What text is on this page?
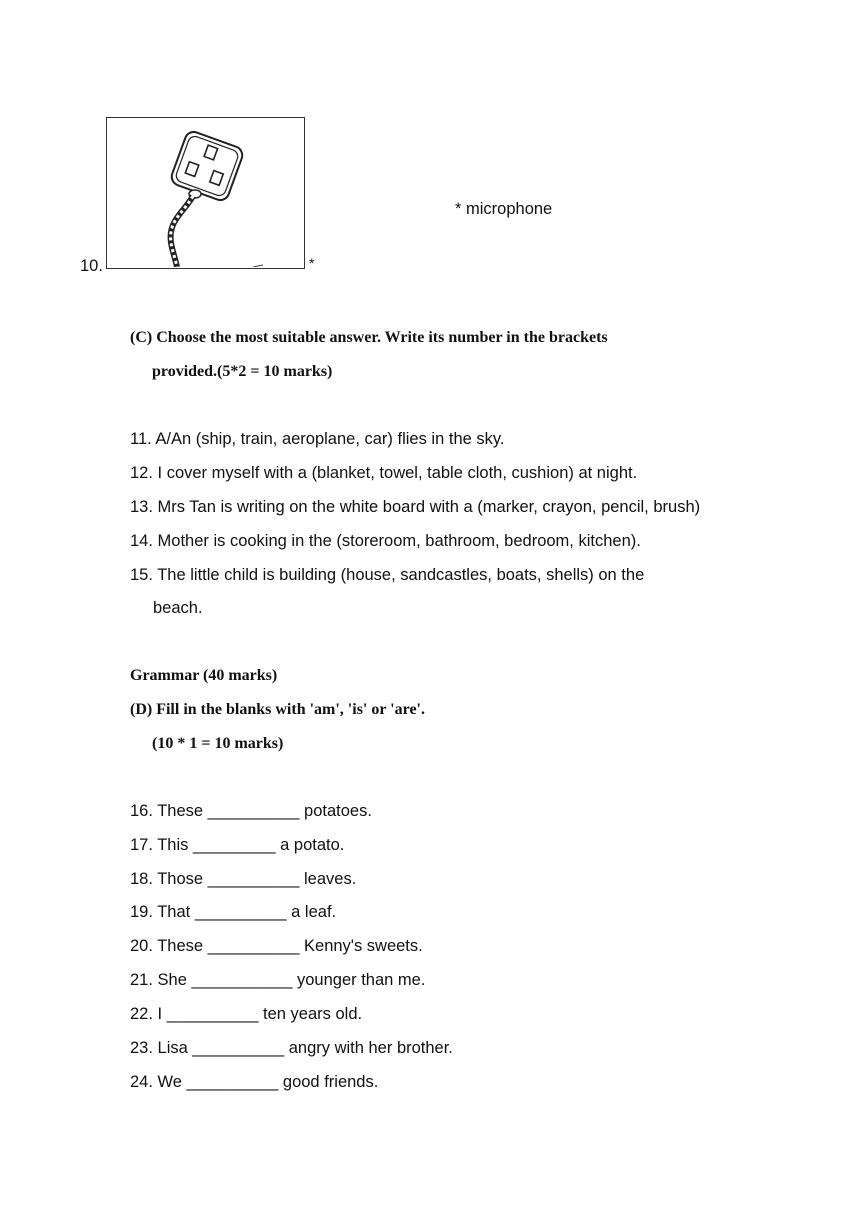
10.	*
* microphone
(C) Choose the most suitable answer. Write its number in the brackets
provided.(5*2 = 10 marks)
11. A/An (ship, train, aeroplane, car) flies in the sky.
12. I cover myself with a (blanket, towel, table cloth, cushion) at night.
13. Mrs Tan is writing on the white board with a (marker, crayon, pencil, brush)
14. Mother is cooking in the (storeroom, bathroom, bedroom, kitchen).
15. The little child is building (house, sandcastles, boats, shells) on the
beach.
Grammar (40 marks)
(D) Fill in the blanks with 'am', 'is' or 'are'.
(10 * 1 = 10 marks)
16. These __________ potatoes.
17. This _________ a potato.
18. Those __________ leaves.
19. That __________ a leaf.
20. These __________ Kenny's sweets.
21. She ___________ younger than me.
22. I __________ ten years old.
23. Lisa __________ angry with her brother.
24. We __________ good friends.
